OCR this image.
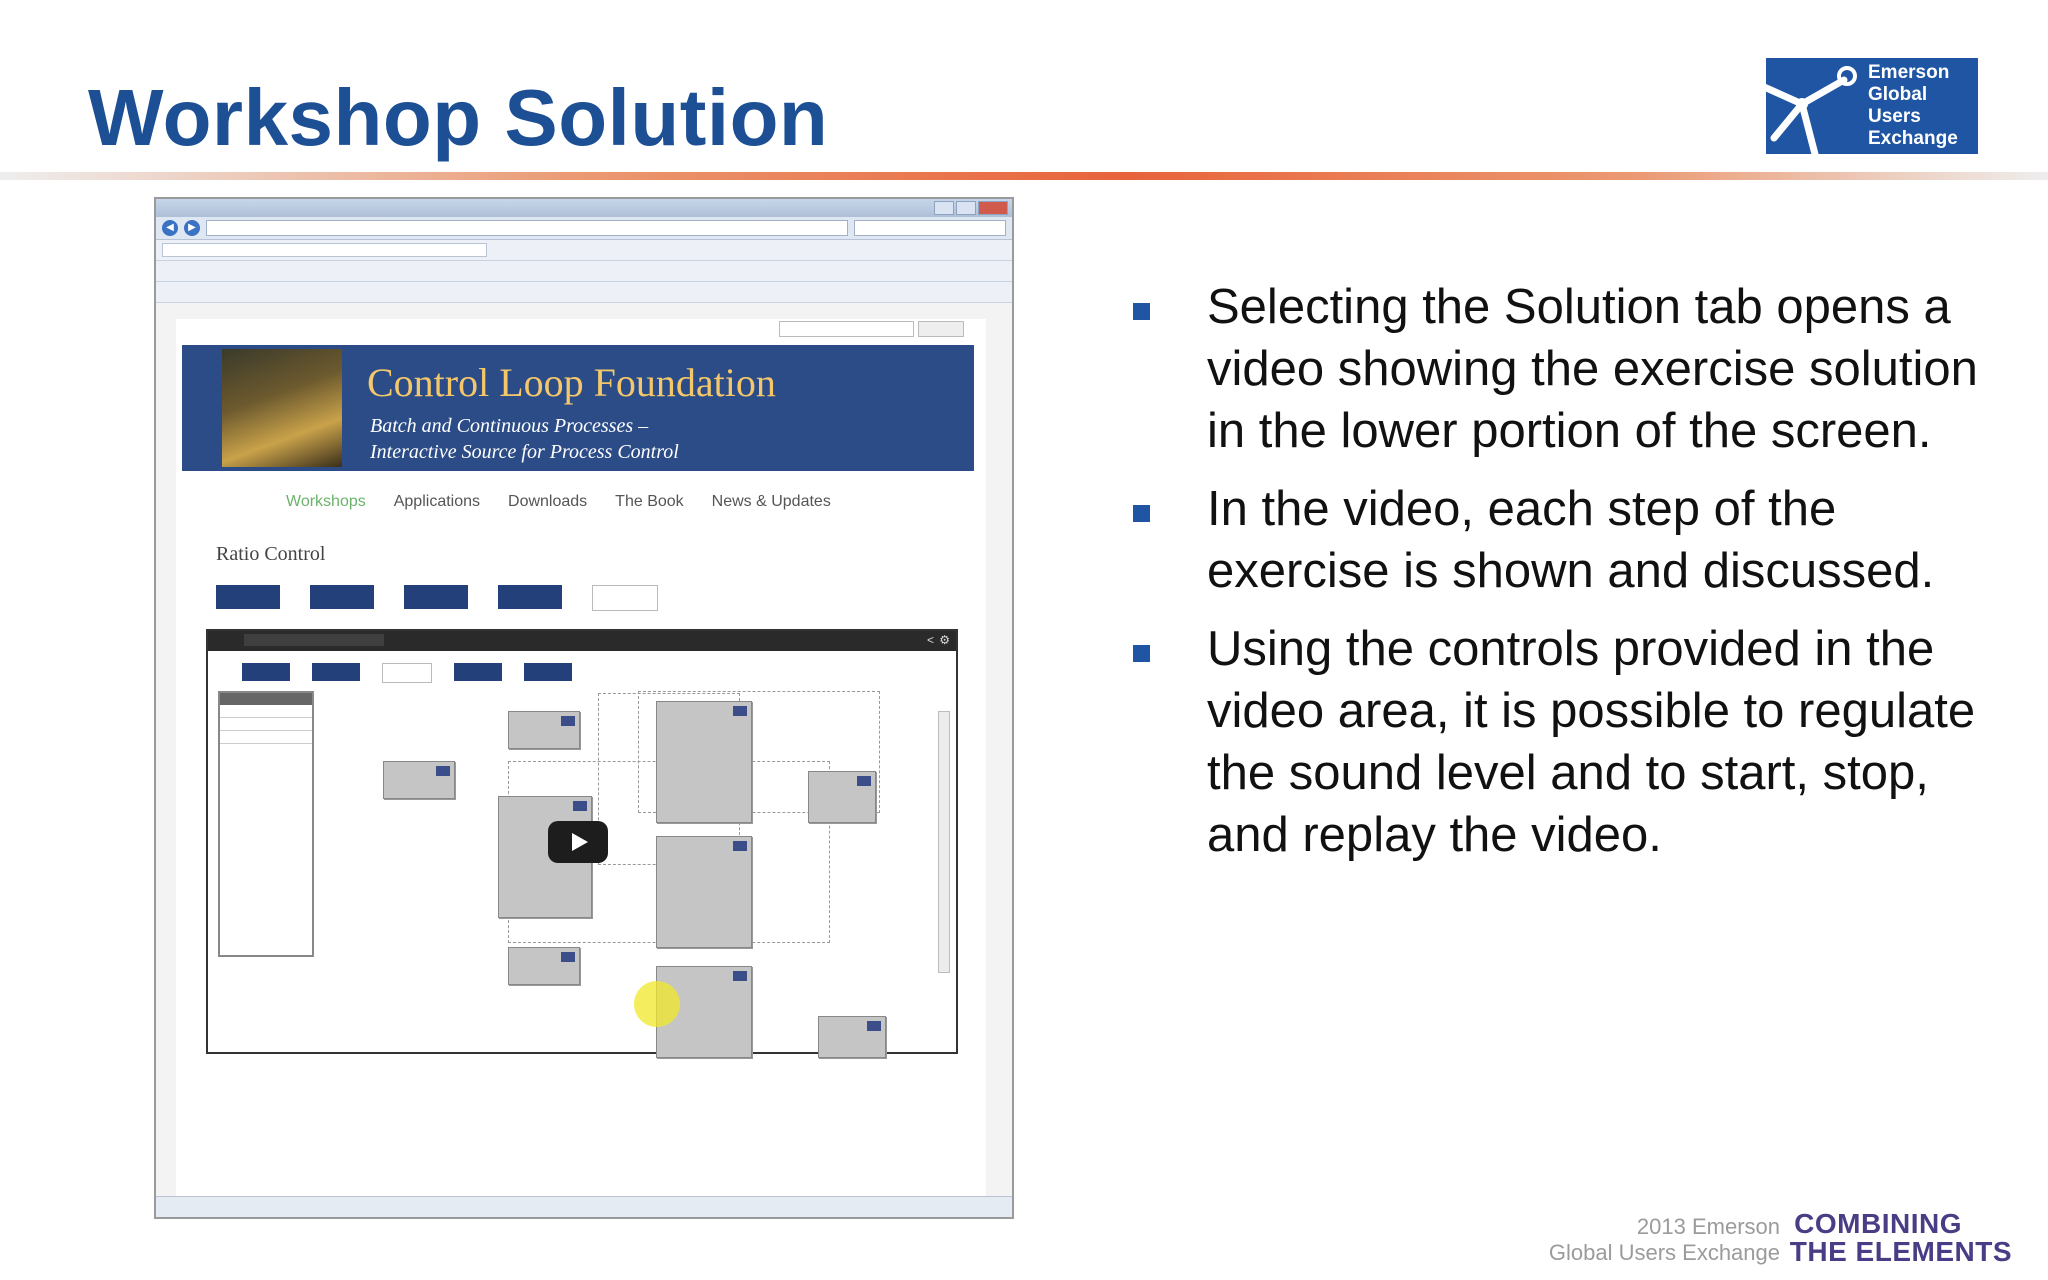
Workshop Solution
Emerson
Global
Users
Exchange
◀	▶
Control Loop Foundation
Batch and Continuous Processes –
Interactive Source for Process Control
Workshops Applications Downloads The Book News & Updates
Ratio Control
< ⚙
Selecting the Solution tab opens a video showing the exercise solution in the lower portion of the screen.
In the video, each step of the exercise is shown and discussed.
Using the controls provided in the video area, it is possible to regulate the sound level and to start, stop, and replay the video.
2013 Emerson
Global Users Exchange
COMBINING
THE ELEMENTS
